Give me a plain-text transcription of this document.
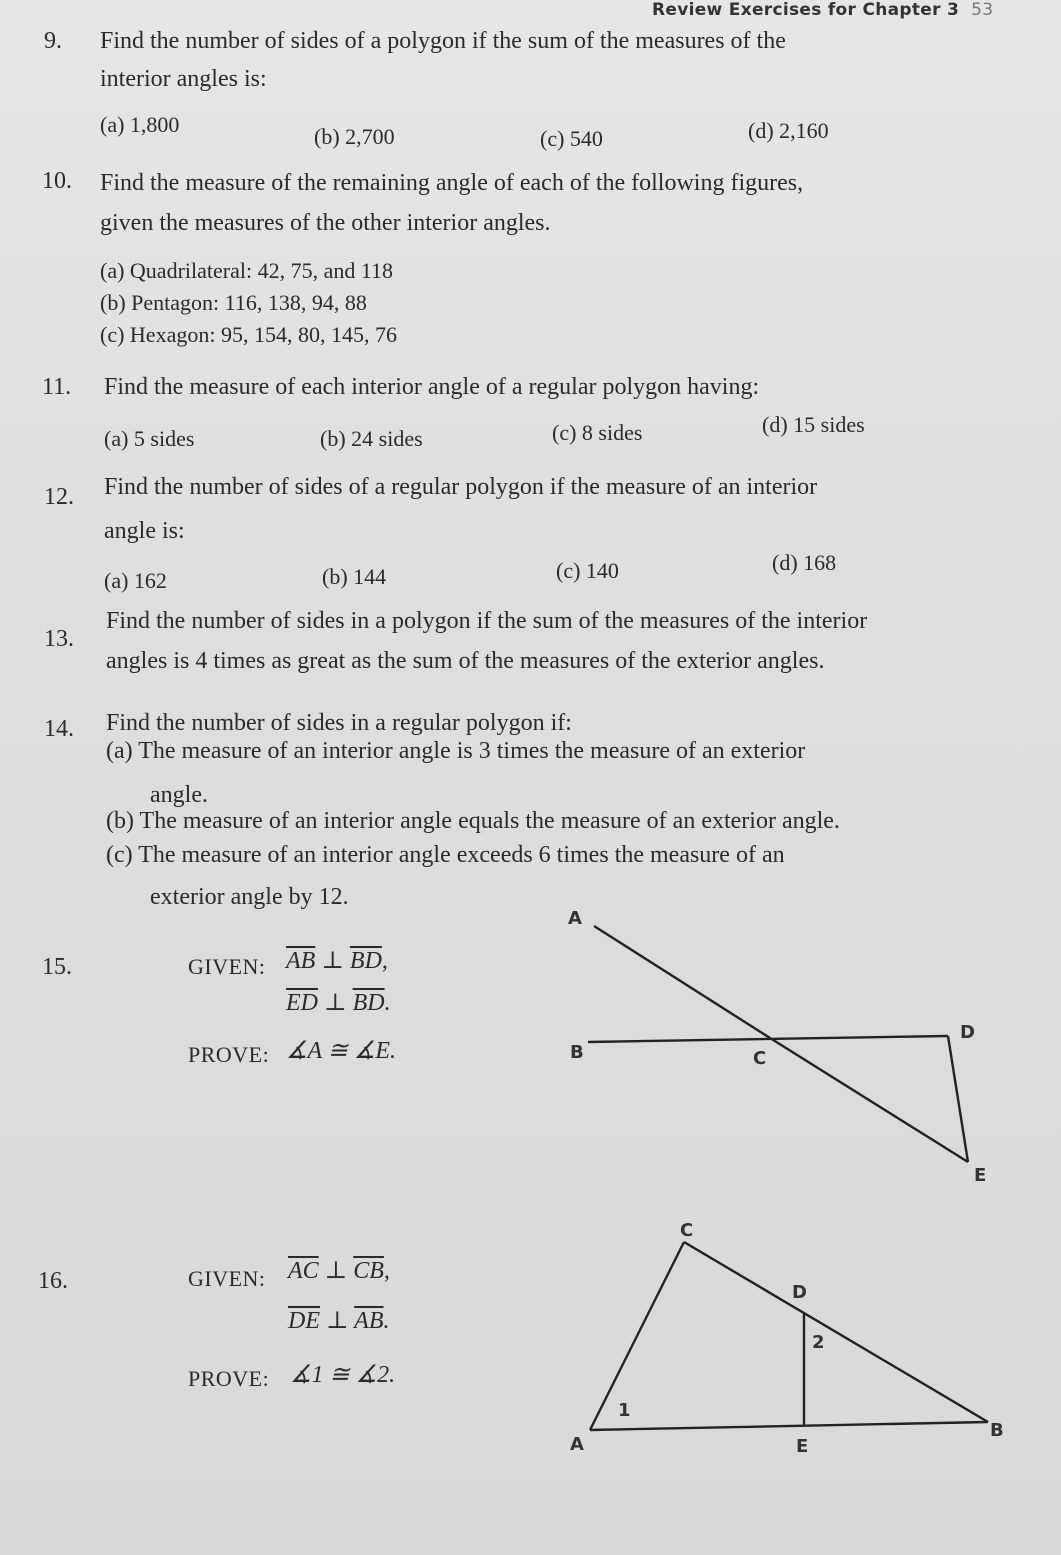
Review Exercises for Chapter 3 53
9. Find the number of sides of a polygon if the sum of the measures of the
interior angles is:
(a) 1,800	(b) 2,700	(c) 540	(d) 2,160
10. Find the measure of the remaining angle of each of the following figures,
given the measures of the other interior angles.
(a) Quadrilateral: 42, 75, and 118
(b) Pentagon: 116, 138, 94, 88
(c) Hexagon: 95, 154, 80, 145, 76
11. Find the measure of each interior angle of a regular polygon having:
(a) 5 sides	(b) 24 sides	(c) 8 sides	(d) 15 sides
12. Find the number of sides of a regular polygon if the measure of an interior
angle is:
(a) 162	(b) 144	(c) 140	(d) 168
13.
Find the number of sides in a polygon if the sum of the measures of the interior
angles is 4 times as great as the sum of the measures of the exterior angles.
14. Find the number of sides in a regular polygon if:
(a) The measure of an interior angle is 3 times the measure of an exterior
angle.
(b) The measure of an interior angle equals the measure of an exterior angle.
(c) The measure of an interior angle exceeds 6 times the measure of an
exterior angle by 12.
15.	GIVEN: $\overline{AB}$ ⊥ $\overline{BD}$,
$\overline{ED}$ ⊥ $\overline{BD}$.
PROVE: ∡A ≅ ∡E.
A
B	C
D
E
16.	GIVEN: $\overline{AC}$ ⊥ $\overline{CB}$,
$\overline{DE}$ ⊥ $\overline{AB}$.
PROVE: ∡1 ≅ ∡2.
C
D
A	E
B
1
2
